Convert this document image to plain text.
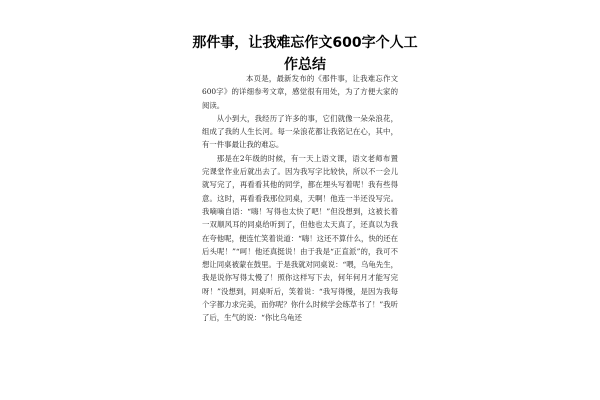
那件事，让我难忘作文600字个人工作总结

本页是，最新发布的《那件事，让我难忘作文600字》的详细参考文章，感觉很有用处，为了方便大家的阅读。

从小到大，我经历了许多的事，它们就像一朵朵浪花，组成了我的人生长河。每一朵浪花都让我铭记在心，其中，有一件事最让我的难忘。

那是在2年级的时候，有一天上语文课，语文老师布置完课堂作业后就出去了。因为我写字比较快，所以不一会儿就写完了，再看看其他的同学，都在埋头写着呢！我有些得意。这时，再看看我那位同桌，天啊！他连一半还没写完。我嘀嘀自语：“嗨！写得也太快了吧！”但没想到，这被长着一双顺风耳的同桌给听到了，但他也太天真了，还真以为我在夸他呢，便连忙笑着说道：“嗨！这还不算什么，快的还在后头呢！”“呵！他还真挺说！由于我是“正直派”的，我可不想让同桌被蒙在鼓里。于是我就对同桌说：“喂，乌龟先生，我是说你写得太慢了！照你这样写下去，何年何月才能写完呀！”没想到，同桌听后，笑着说：“我写得慢，是因为我每个字都力求完美，而你呢？你什么时候学会练草书了！”我听了后，生气的说：“你比乌龟还
